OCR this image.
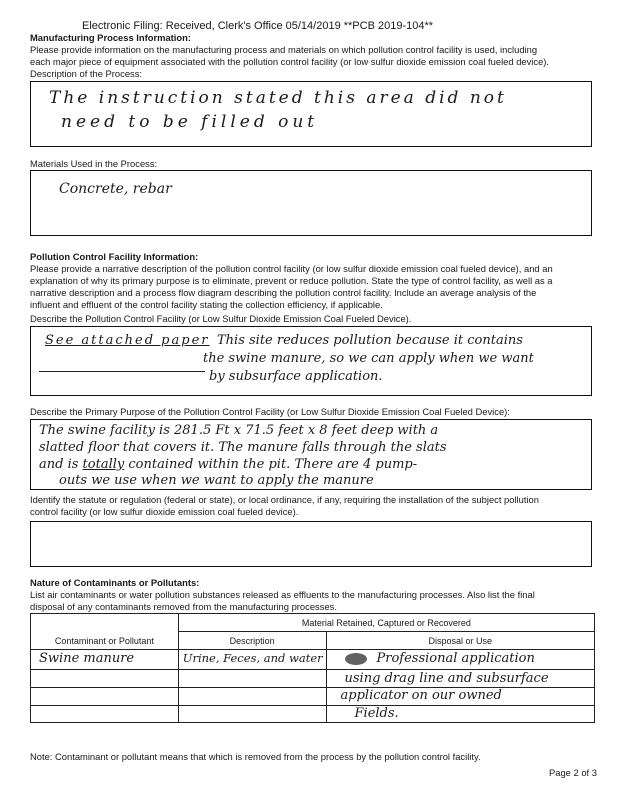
Electronic Filing: Received, Clerk's Office 05/14/2019 **PCB 2019-104**
Manufacturing Process Information:
Please provide information on the manufacturing process and materials on which pollution control facility is used, including
each major piece of equipment associated with the pollution control facility (or low sulfur dioxide emission coal fueled device).
Description of the Process:
The instruction stated this area did not
need to be filled out
Materials Used in the Process:
Concrete, rebar
Pollution Control Facility Information:
Please provide a narrative description of the pollution control facility (or low sulfur dioxide emission coal fueled device), and an
explanation of why its primary purpose is to eliminate, prevent or reduce pollution. State the type of control facility, as well as a
narrative description and a process flow diagram describing the pollution control facility. Include an average analysis of the
influent and effluent of the control facility stating the collection efficiency, if applicable.
Describe the Pollution Control Facility (or Low Sulfur Dioxide Emission Coal Fueled Device).
See attached paper This site reduces pollution because it contains
the swine manure, so we can apply when we want
by subsurface application.
Describe the Primary Purpose of the Pollution Control Facility (or Low Sulfur Dioxide Emission Coal Fueled Device):
The swine facility is 281.5 Ft x 71.5 feet x 8 feet deep with a
slatted floor that covers it. The manure falls through the slats
and is totally contained within the pit. There are 4 pump-
outs we use when we want to apply the manure
Identify the statute or regulation (federal or state), or local ordinance, if any, requiring the installation of the subject pollution
control facility (or low sulfur dioxide emission coal fueled device).
Nature of Contaminants or Pollutants:
List air contaminants or water pollution substances released as effluents to the manufacturing processes. Also list the final
disposal of any contaminants removed from the manufacturing processes.
Contaminant or Pollutant	Material Retained, Captured or Recovered	
	Description	Disposal or Use

Swine manure	Urine, Feces, and water	Professional application

		using drag line and subsurface

		applicator on our owned

		Fields.
Note: Contaminant or pollutant means that which is removed from the process by the pollution control facility.
Page 2 of 3
